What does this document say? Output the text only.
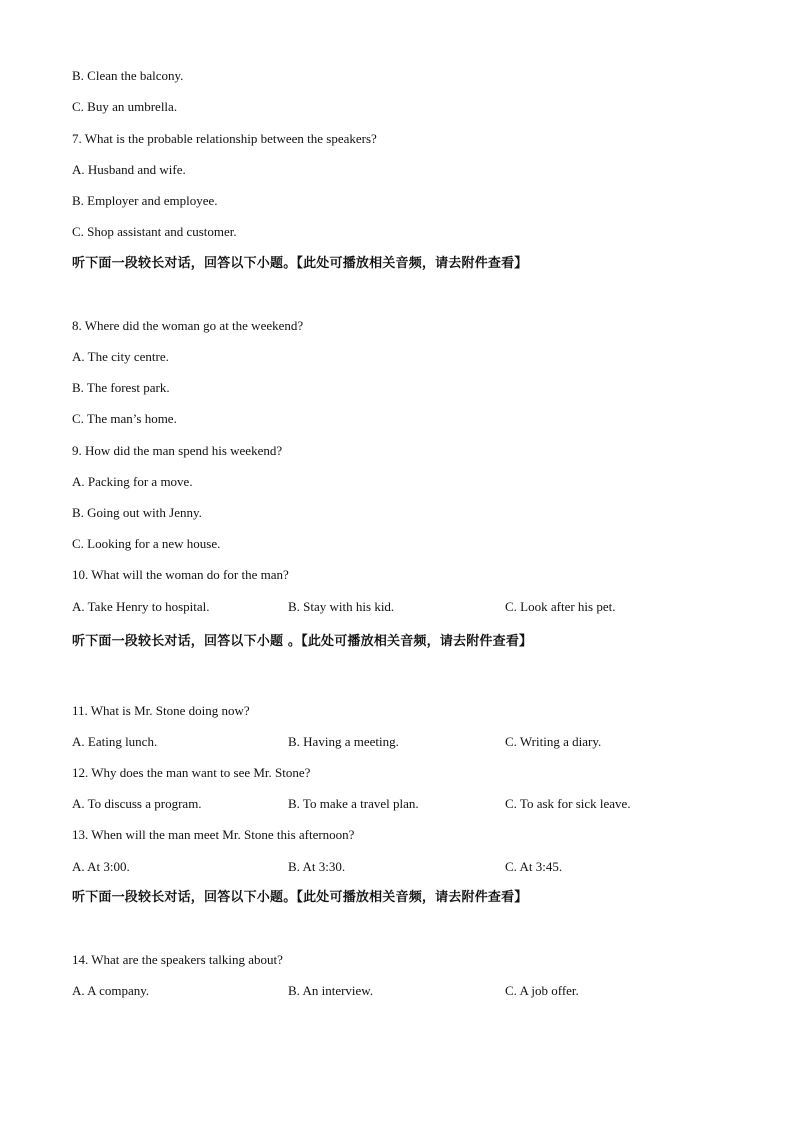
B. Clean the balcony.
C. Buy an umbrella.
7. What is the probable relationship between the speakers?
A. Husband and wife.
B. Employer and employee.
C. Shop assistant and customer.
听下面一段较长对话，回答以下小题。【此处可播放相关音频，请去附件查看】
8. Where did the woman go at the weekend?
A. The city centre.
B. The forest park.
C. The man’s home.
9. How did the man spend his weekend?
A. Packing for a move.
B. Going out with Jenny.
C. Looking for a new house.
10. What will the woman do for the man?
A. Take Henry to hospital.	B. Stay with his kid.	C. Look after his pet.
听下面一段较长对话，回答以下小题 。【此处可播放相关音频，请去附件查看】
11. What is Mr. Stone doing now?
A. Eating lunch.	B. Having a meeting.	C. Writing a diary.
12. Why does the man want to see Mr. Stone?
A. To discuss a program.	B. To make a travel plan.	C. To ask for sick leave.
13. When will the man meet Mr. Stone this afternoon?
A. At 3:00.	B. At 3:30.	C. At 3:45.
听下面一段较长对话，回答以下小题。【此处可播放相关音频，请去附件查看】
14. What are the speakers talking about?
A. A company.	B. An interview.	C. A job offer.
